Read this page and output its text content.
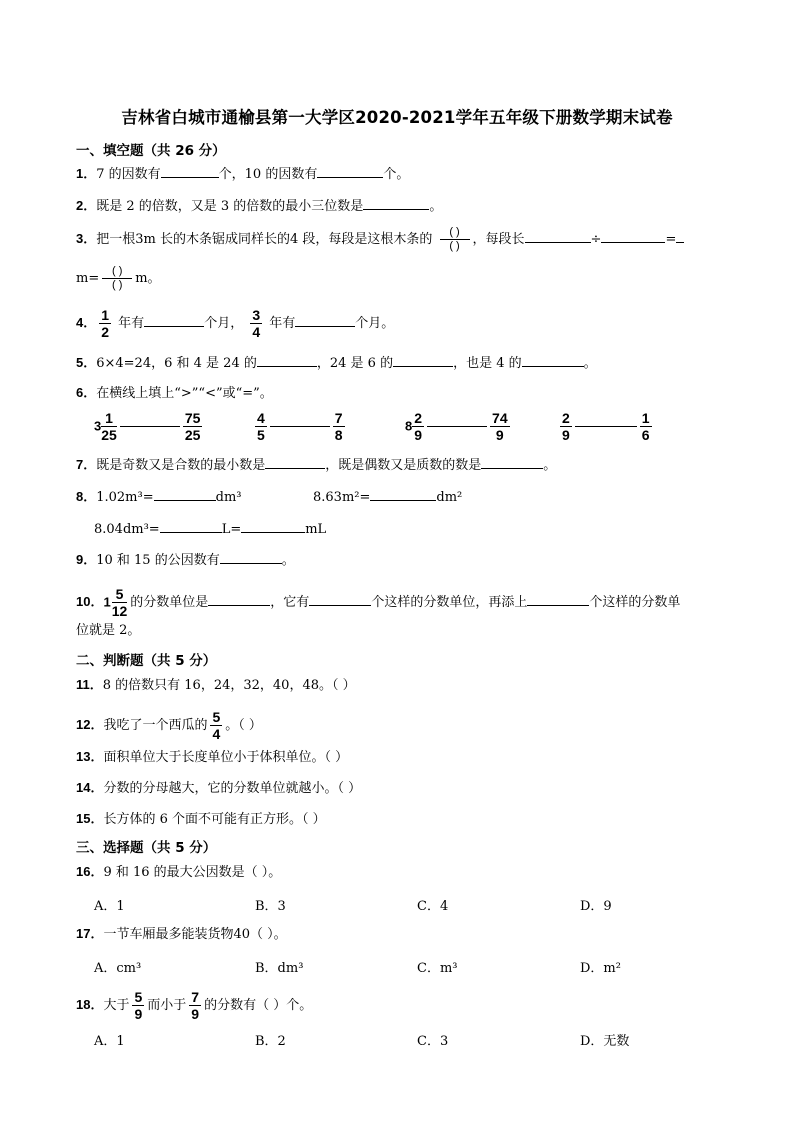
吉林省白城市通榆县第一大学区2020-2021学年五年级下册数学期末试卷
一、填空题（共 26 分）
1．7 的因数有	个，10 的因数有	个。
2．既是 2 的倍数，又是 3 的倍数的最小三位数是	。
3．把一根3m 长的木条锯成同样长的4 段，每段是这根木条的 $\frac{( )}{( )}$ ，每段长	÷	=
$m= \frac{( )}{( )}$ m。
4． $\frac{1}{2}$ 年有	个月， $\frac{3}{4}$ 年有	个月。
5．6×4=24，6 和 4 是 24 的	，24 是 6 的	，也是 4 的	。
6．在横线上填上“>”“<”或“=”。
$3 \frac{1}{25}$	$\frac{75}{25}$	$\frac{4}{5}$	$\frac{7}{8}$	$8 \frac{2}{9}$	$\frac{74}{9}$	$\frac{2}{9}$	$\frac{1}{6}$
7．既是奇数又是合数的最小数是	，既是偶数又是质数的数是	。
8．1.02m³=	dm³	8.63m²=	dm²
8.04dm³=	L=	mL
9．10 和 15 的公因数有	。
10．$1 \frac{5}{12}$ 的分数单位是	，它有	个这样的分数单位，再添上	个这样的分数单
位就是 2。
二、判断题（共 5 分）
11．8 的倍数只有 16，24，32，40，48。（ ）
12．我吃了一个西瓜的 $\frac{5}{4}$ 。（ ）
13．面积单位大于长度单位小于体积单位。（ ）
14．分数的分母越大，它的分数单位就越小。（ ）
15．长方体的 6 个面不可能有正方形。（ ）
三、选择题（共 5 分）
16．9 和 16 的最大公因数是（ ）。
A．1	B．3	C．4	D．9
17．一节车厢最多能装货物40（ ）。
A．cm³	B．dm³	C．m³	D．m²
18．大于 $\frac{5}{9}$ 而小于 $\frac{7}{9}$ 的分数有（ ）个。
A．1	B．2	C．3	D．无数
